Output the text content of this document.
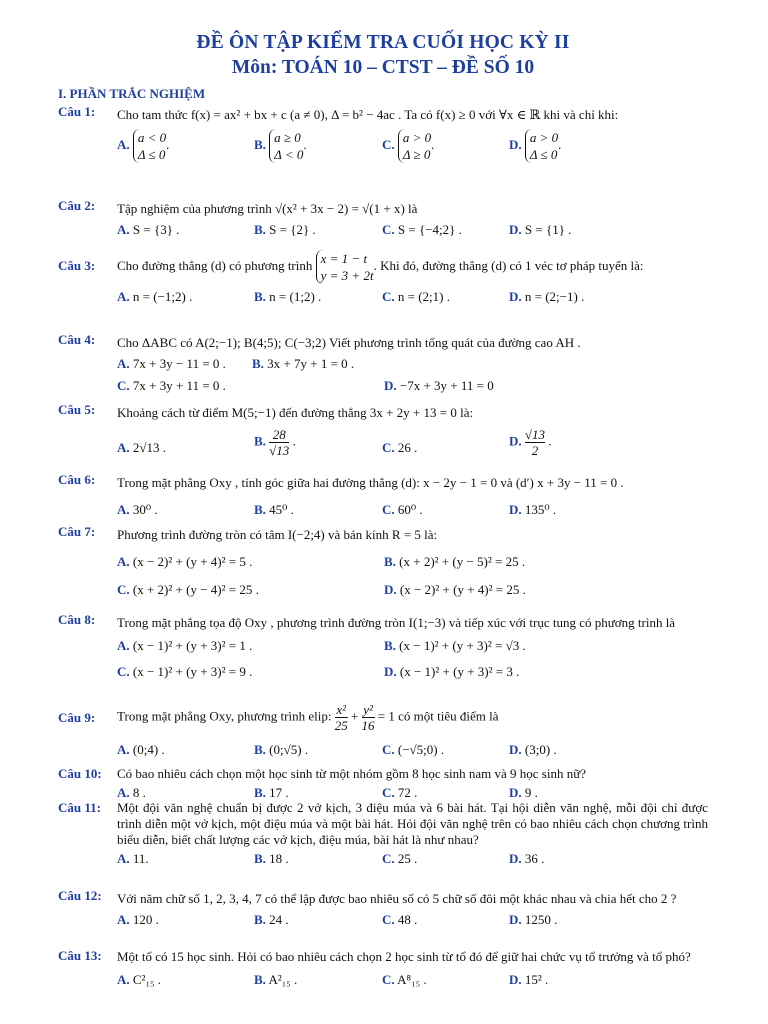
ĐỀ ÔN TẬP KIỂM TRA CUỐI HỌC KỲ II
Môn: TOÁN 10 – CTST – ĐỀ SỐ 10
I. PHẦN TRẮC NGHIỆM
Câu 1: Cho tam thức f(x) = ax² + bx + c (a ≠ 0), Δ = b² − 4ac . Ta có f(x) ≥ 0 với ∀x ∈ ℝ khi và chỉ khi:
A. a < 0
Δ ≤ 0.	B. a ≥ 0
Δ < 0.	C. a > 0
Δ ≥ 0.	D. a > 0
Δ ≤ 0.
Câu 2: Tập nghiệm của phương trình √(x² + 3x − 2) = √(1 + x) là
A. S = {3} .	B. S = {2} .	C. S = {−4;2} .	D. S = {1} .
Câu 3: Cho đường thẳng (d) có phương trình x = 1 − t
y = 3 + 2t. Khi đó, đường thẳng (d) có 1 véc tơ pháp tuyến là:
A. n = (−1;2) .	B. n = (1;2) .	C. n = (2;1) .	D. n = (2;−1) .
Câu 4: Cho ΔABC có A(2;−1); B(4;5); C(−3;2) Viết phương trình tổng quát của đường cao AH .
A. 7x + 3y − 11 = 0 . B. 3x + 7y + 1 = 0 .
C. 7x + 3y + 11 = 0 .	D. −7x + 3y + 11 = 0
Câu 5: Khoảng cách từ điểm M(5;−1) đến đường thẳng 3x + 2y + 13 = 0 là:
A. 2√13 .	B. $\frac{28}{√13}$ .	C. 26 .	D. $\frac{√13}{2}$ .
Câu 6: Trong mặt phẳng Oxy , tính góc giữa hai đường thẳng (d): x − 2y − 1 = 0 và (d′) x + 3y − 11 = 0 .
A. 30⁰ .	B. 45⁰ .	C. 60⁰ .	D. 135⁰ .
Câu 7: Phương trình đường tròn có tâm I(−2;4) và bán kính R = 5 là:
A. (x − 2)² + (y + 4)² = 5 .	B. (x + 2)² + (y − 5)² = 25 .
C. (x + 2)² + (y − 4)² = 25 .	D. (x − 2)² + (y + 4)² = 25 .
Câu 8: Trong mặt phẳng tọa độ Oxy , phương trình đường tròn I(1;−3) và tiếp xúc với trục tung có phương trình là
A. (x − 1)² + (y + 3)² = 1 .	B. (x − 1)² + (y + 3)² = √3 .
C. (x − 1)² + (y + 3)² = 9 .	D. (x − 1)² + (y + 3)² = 3 .
Câu 9: Trong mặt phẳng Oxy, phương trình elip: $\frac{\text{x²}}{25} + \frac{\text{y²}}{16} = 1$ có một tiêu điểm là
A. (0;4) .	B. (0;√5) .	C. (−√5;0) .	D. (3;0) .
Câu 10: Có bao nhiêu cách chọn một học sinh từ một nhóm gồm 8 học sinh nam và 9 học sinh nữ?
A. 8 .	B. 17 .	C. 72 .	D. 9 .
Câu 11: Một đội văn nghệ chuẩn bị được 2 vở kịch, 3 điệu múa và 6 bài hát. Tại hội diễn văn nghệ, mỗi đội chỉ được trình diễn một vở kịch, một điệu múa và một bài hát. Hỏi đội văn nghệ trên có bao nhiêu cách chọn chương trình biểu diễn, biết chất lượng các vở kịch, điệu múa, bài hát là như nhau?
A. 11.	B. 18 .	C. 25 .	D. 36 .
Câu 12: Với năm chữ số 1, 2, 3, 4, 7 có thể lập được bao nhiêu số có 5 chữ số đôi một khác nhau và chia hết cho 2 ?
A. 120 .	B. 24 .	C. 48 .	D. 1250 .
Câu 13: Một tổ có 15 học sinh. Hỏi có bao nhiêu cách chọn 2 học sinh từ tổ đó để giữ hai chức vụ tổ trưởng và tổ phó?
A. C²₁₅ .	B. A²₁₅ .	C. A⁸₁₅ .	D. 15² .
